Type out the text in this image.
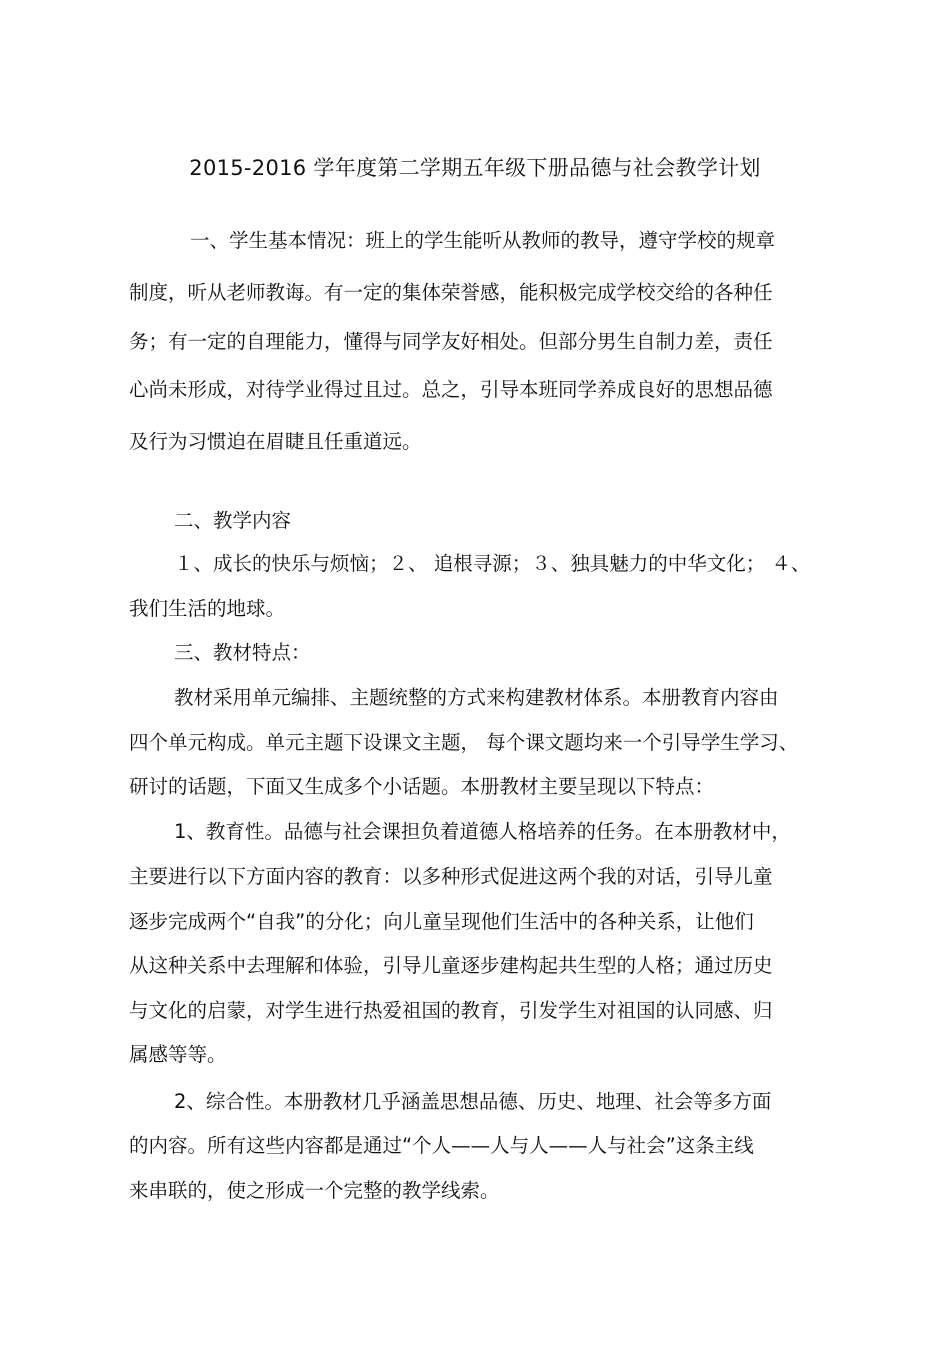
2015-2016 学年度第二学期五年级下册品德与社会教学计划
一、学生基本情况：班上的学生能听从教师的教导，遵守学校的规章
制度，听从老师教诲。有一定的集体荣誉感，能积极完成学校交给的各种任
务；有一定的自理能力，懂得与同学友好相处。但部分男生自制力差，责任
心尚未形成，对待学业得过且过。总之，引导本班同学养成良好的思想品德
及行为习惯迫在眉睫且任重道远。
二、教学内容
１、成长的快乐与烦恼；２、 追根寻源；３、独具魅力的中华文化； ４、
我们生活的地球。
三、教材特点：
教材采用单元编排、主题统整的方式来构建教材体系。本册教育内容由
四个单元构成。单元主题下设课文主题， 每个课文题均来一个引导学生学习、
研讨的话题，下面又生成多个小话题。本册教材主要呈现以下特点：
1、教育性。品德与社会课担负着道德人格培养的任务。在本册教材中，
主要进行以下方面内容的教育：以多种形式促进这两个我的对话，引导儿童
逐步完成两个“自我”的分化；向儿童呈现他们生活中的各种关系，让他们
从这种关系中去理解和体验，引导儿童逐步建构起共生型的人格；通过历史
与文化的启蒙，对学生进行热爱祖国的教育，引发学生对祖国的认同感、归
属感等等。
2、综合性。本册教材几乎涵盖思想品德、历史、地理、社会等多方面
的内容。所有这些内容都是通过“个人——人与人——人与社会”这条主线
来串联的，使之形成一个完整的教学线索。
